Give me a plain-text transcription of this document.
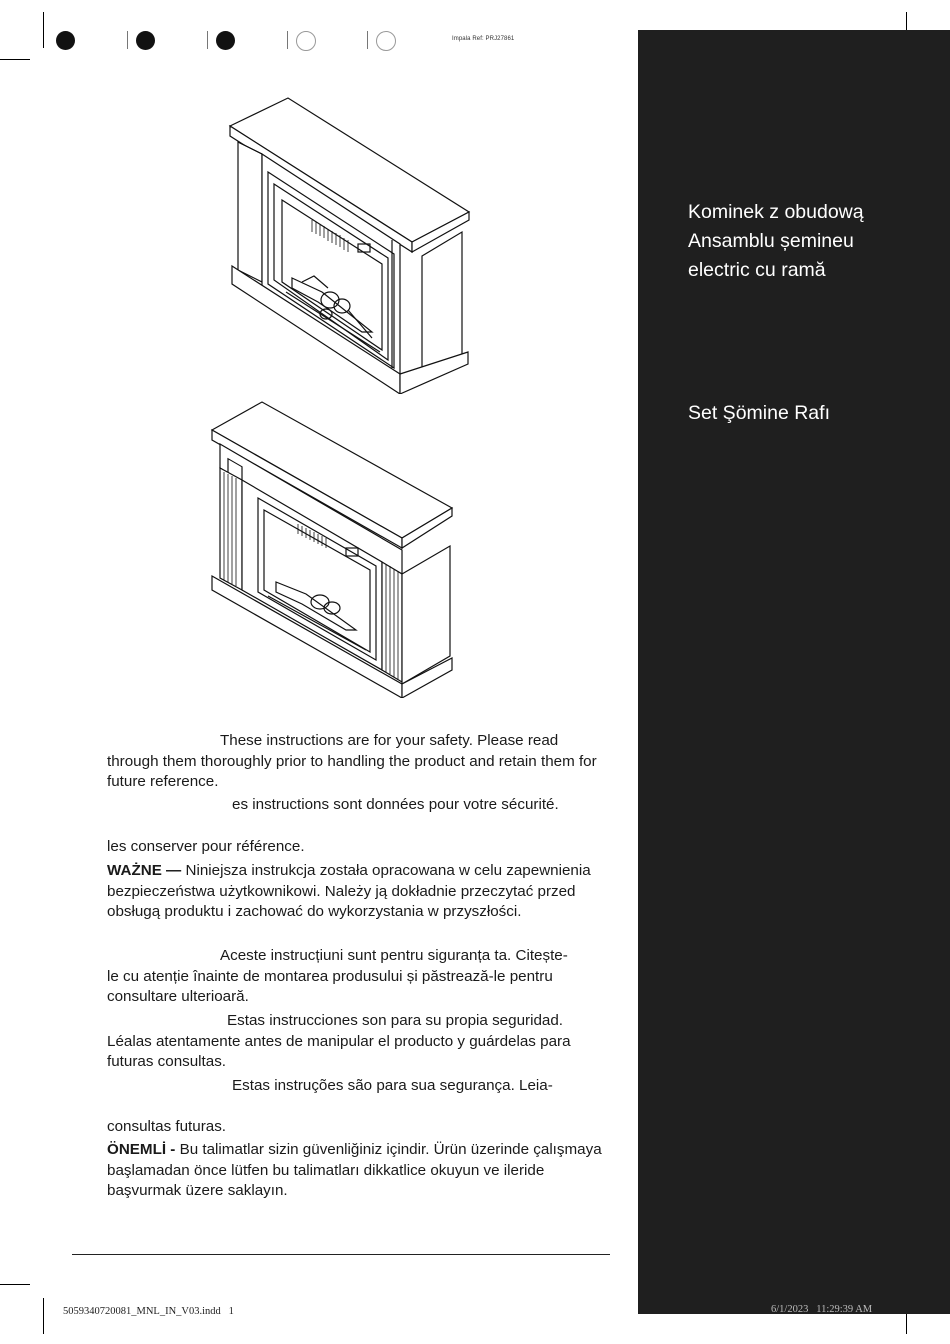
Impala Ref: PRJ27861
Kominek z obudową
Ansamblu șemineu
electric cu ramă
Set Şömine Rafı
These instructions are for your safety. Please read
through them thoroughly prior to handling the product and retain them for future reference.
es instructions sont données pour votre sécurité.
les conserver pour référence.
WAŻNE — Niniejsza instrukcja została opracowana w celu zapewnienia bezpieczeństwa użytkownikowi. Należy ją dokładnie przeczytać przed obsługą produktu i zachować do wykorzystania w przyszłości.
Aceste instrucțiuni sunt pentru siguranța ta. Citește-
le cu atenție înainte de montarea produsului și păstrează-le pentru consultare ulterioară.
Estas instrucciones son para su propia seguridad.
Léalas atentamente antes de manipular el producto y guárdelas para futuras consultas.
Estas instruções são para sua segurança. Leia-
consultas futuras.
ÖNEMLİ - Bu talimatlar sizin güvenliğiniz içindir. Ürün üzerinde çalışmaya başlamadan önce lütfen bu talimatları dikkatlice okuyun ve ileride başvurmak üzere saklayın.
5059340720081_MNL_IN_V03.indd   1	6/1/2023   11:29:39 AM
